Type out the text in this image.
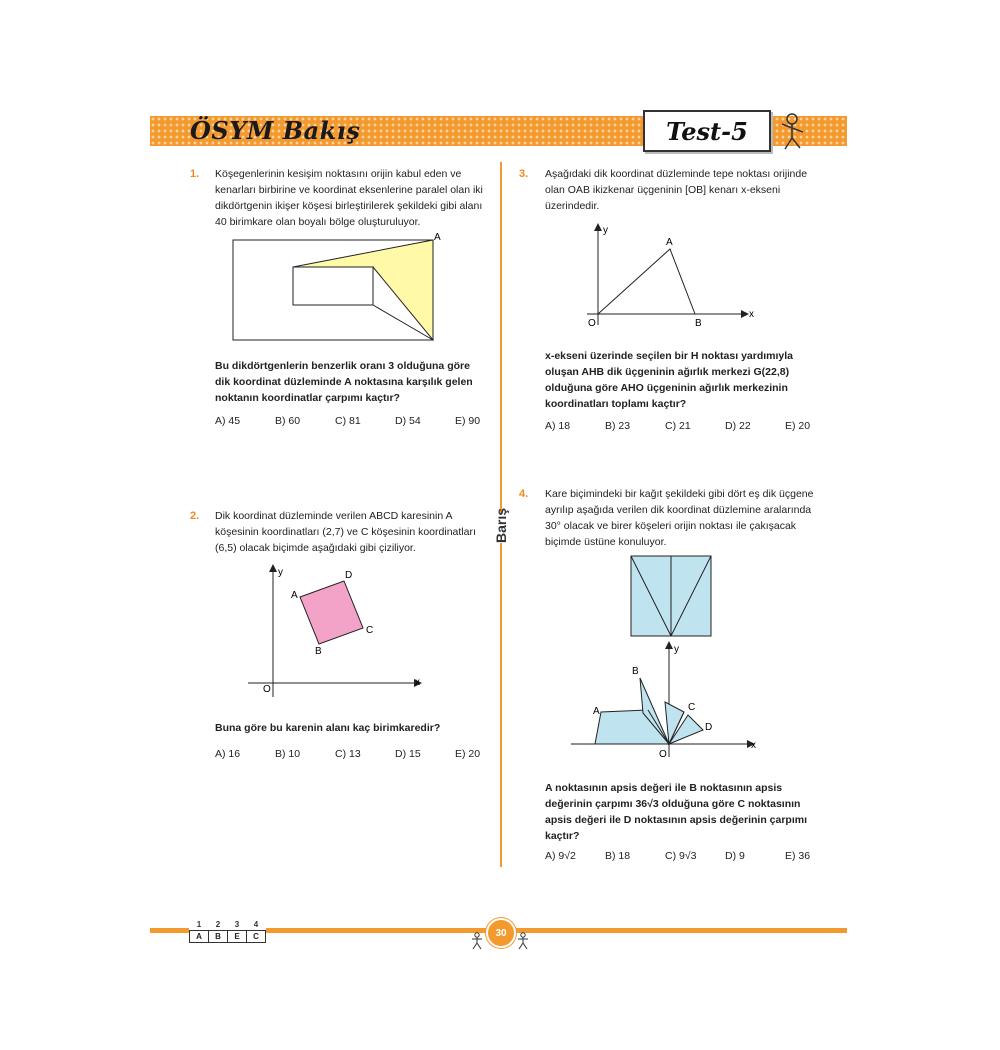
ÖSYM Bakış	Test-5
Barış
1. Köşegenlerinin kesişim noktasını orijin kabul eden ve
kenarları birbirine ve koordinat eksenlerine paralel olan iki
dikdörtgenin ikişer köşesi birleştirilerek şekildeki gibi alanı
40 birimkare olan boyalı bölge oluşturuluyor.
A
Bu dikdörtgenlerin benzerlik oranı 3 olduğuna göre
dik koordinat düzleminde A noktasına karşılık gelen
noktanın koordinatlar çarpımı kaçtır?
A) 45	B) 60	C) 81	D) 54	E) 90
2. Dik koordinat düzleminde verilen ABCD karesinin A
köşesinin koordinatları (2,7) ve C köşesinin koordinatları
(6,5) olacak biçimde aşağıdaki gibi çiziliyor.
y
x
O
A
D
C
B
Buna göre bu karenin alanı kaç birimkaredir?
A) 16	B) 10	C) 13	D) 15	E) 20
3. Aşağıdaki dik koordinat düzleminde tepe noktası orijinde
olan OAB ikizkenar üçgeninin [OB] kenarı x-ekseni
üzerindedir.
y
x
O
A
B
x-ekseni üzerinde seçilen bir H noktası yardımıyla
oluşan AHB dik üçgeninin ağırlık merkezi G(22,8)
olduğuna göre AHO üçgeninin ağırlık merkezinin
koordinatları toplamı kaçtır?
A) 18	B) 23	C) 21	D) 22	E) 20
4. Kare biçimindeki bir kağıt şekildeki gibi dört eş dik üçgene
ayrılıp aşağıda verilen dik koordinat düzlemine aralarında
30° olacak ve birer köşeleri orijin noktası ile çakışacak
biçimde üstüne konuluyor.
y
x
O
A
B
C
D
A noktasının apsis değeri ile B noktasının apsis
değerinin çarpımı 36√3 olduğuna göre C noktasının
apsis değeri ile D noktasının apsis değerinin çarpımı
kaçtır?
A) 9√2	B) 18	C) 9√3	D) 9	E) 36
1	2	3	4
A	B	E	C	30
